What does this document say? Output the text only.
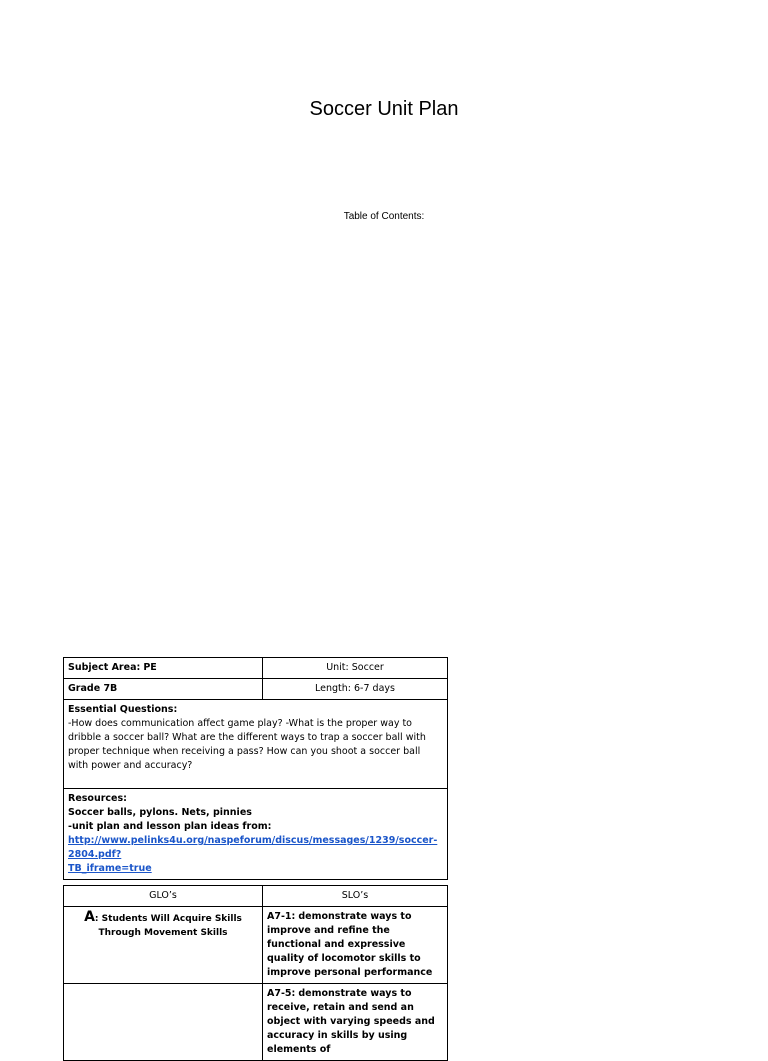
Soccer Unit Plan
Table of Contents:
Subject Area: PE	Unit: Soccer
Grade 7B	Length: 6-7 days

Essential Questions:
-How does communication affect game play? -What is the proper way to dribble a soccer ball? What are the different ways to trap a soccer ball with proper technique when receiving a pass? How can you shoot a soccer ball with power and accuracy?	

Resources:
Soccer balls, pylons. Nets, pinnies
-unit plan and lesson plan ideas from:
http://www.pelinks4u.org/naspeforum/discus/messages/1239/soccer-2804.pdf?
TB_iframe=true	
GLO’s	SLO’s
A: Students Will Acquire Skills Through Movement Skills	A7-1: demonstrate ways to improve and refine the functional and expressive quality of locomotor skills to improve personal performance
	A7-5: demonstrate ways to receive, retain and send an object with varying speeds and accuracy in skills by using elements of
